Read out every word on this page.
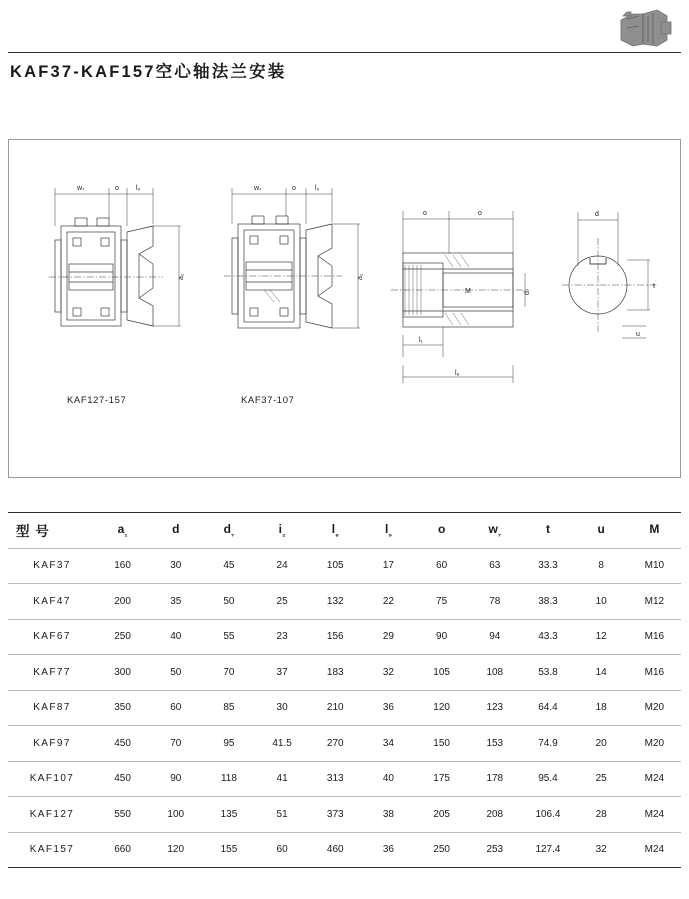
KAF37-KAF157空心轴法兰安装
w₇	o l₀
a₁
KAF127-157
w₇	o	l₀
a₁
KAF37-107
o	o
l₁
l₈
M	d₇
d
t
u
型 号	$a_{_1}$	d	$d_{_7}$	$i_{_2}$	$l_{_8}$	$l_{_9}$	o	$w_{_7}$	t	u	M
KAF37	160	30	45	24	105	17	60	63	33.3	8	M10
KAF47	200	35	50	25	132	22	75	78	38.3	10	M12
KAF67	250	40	55	23	156	29	90	94	43.3	12	M16
KAF77	300	50	70	37	183	32	105	108	53.8	14	M16
KAF87	350	60	85	30	210	36	120	123	64.4	18	M20
KAF97	450	70	95	41.5	270	34	150	153	74.9	20	M20
KAF107	450	90	118	41	313	40	175	178	95.4	25	M24
KAF127	550	100	135	51	373	38	205	208	106.4	28	M24
KAF157	660	120	155	60	460	36	250	253	127.4	32	M24
